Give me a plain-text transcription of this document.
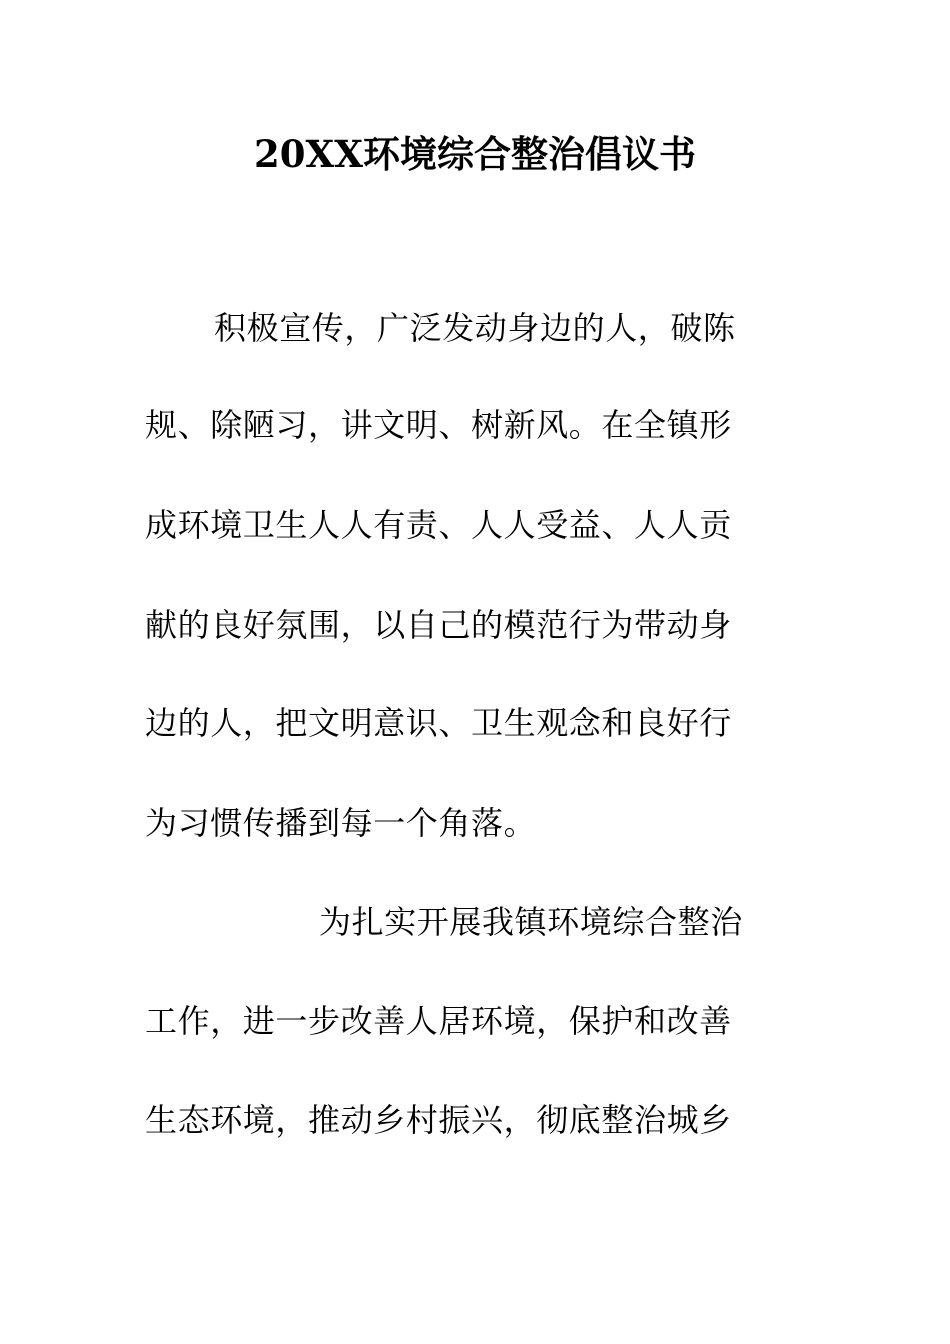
20XX环境综合整治倡议书
积极宣传，广泛发动身边的人，破陈
规、除陋习，讲文明、树新风。在全镇形
成环境卫生人人有责、人人受益、人人贡
献的良好氛围，以自己的模范行为带动身
边的人，把文明意识、卫生观念和良好行
为习惯传播到每一个角落。
为扎实开展我镇环境综合整治
工作，进一步改善人居环境，保护和改善
生态环境，推动乡村振兴，彻底整治城乡
